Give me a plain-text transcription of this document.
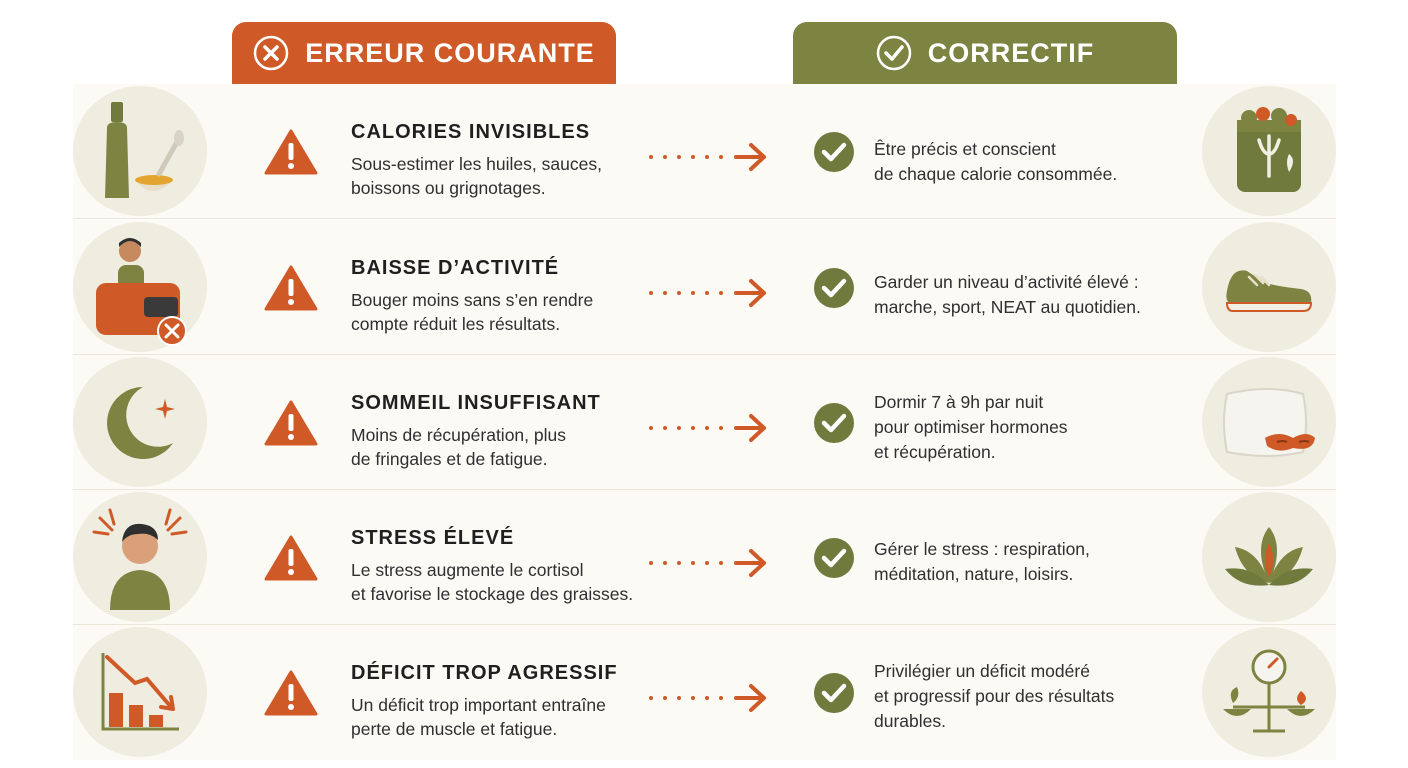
ERREUR COURANTE	CORRECTIF
CALORIES INVISIBLES
Sous-estimer les huiles, sauces,
boissons ou grignotages.
Être précis et conscient
de chaque calorie consommée.
BAISSE D’ACTIVITÉ
Bouger moins sans s’en rendre
compte réduit les résultats.
Garder un niveau d’activité élevé :
marche, sport, NEAT au quotidien.
SOMMEIL INSUFFISANT
Moins de récupération, plus
de fringales et de fatigue.
Dormir 7 à 9h par nuit
pour optimiser hormones
et récupération.
STRESS ÉLEVÉ
Le stress augmente le cortisol
et favorise le stockage des graisses.
Gérer le stress : respiration,
méditation, nature, loisirs.
DÉFICIT TROP AGRESSIF
Un déficit trop important entraîne
perte de muscle et fatigue.
Privilégier un déficit modéré
et progressif pour des résultats
durables.
